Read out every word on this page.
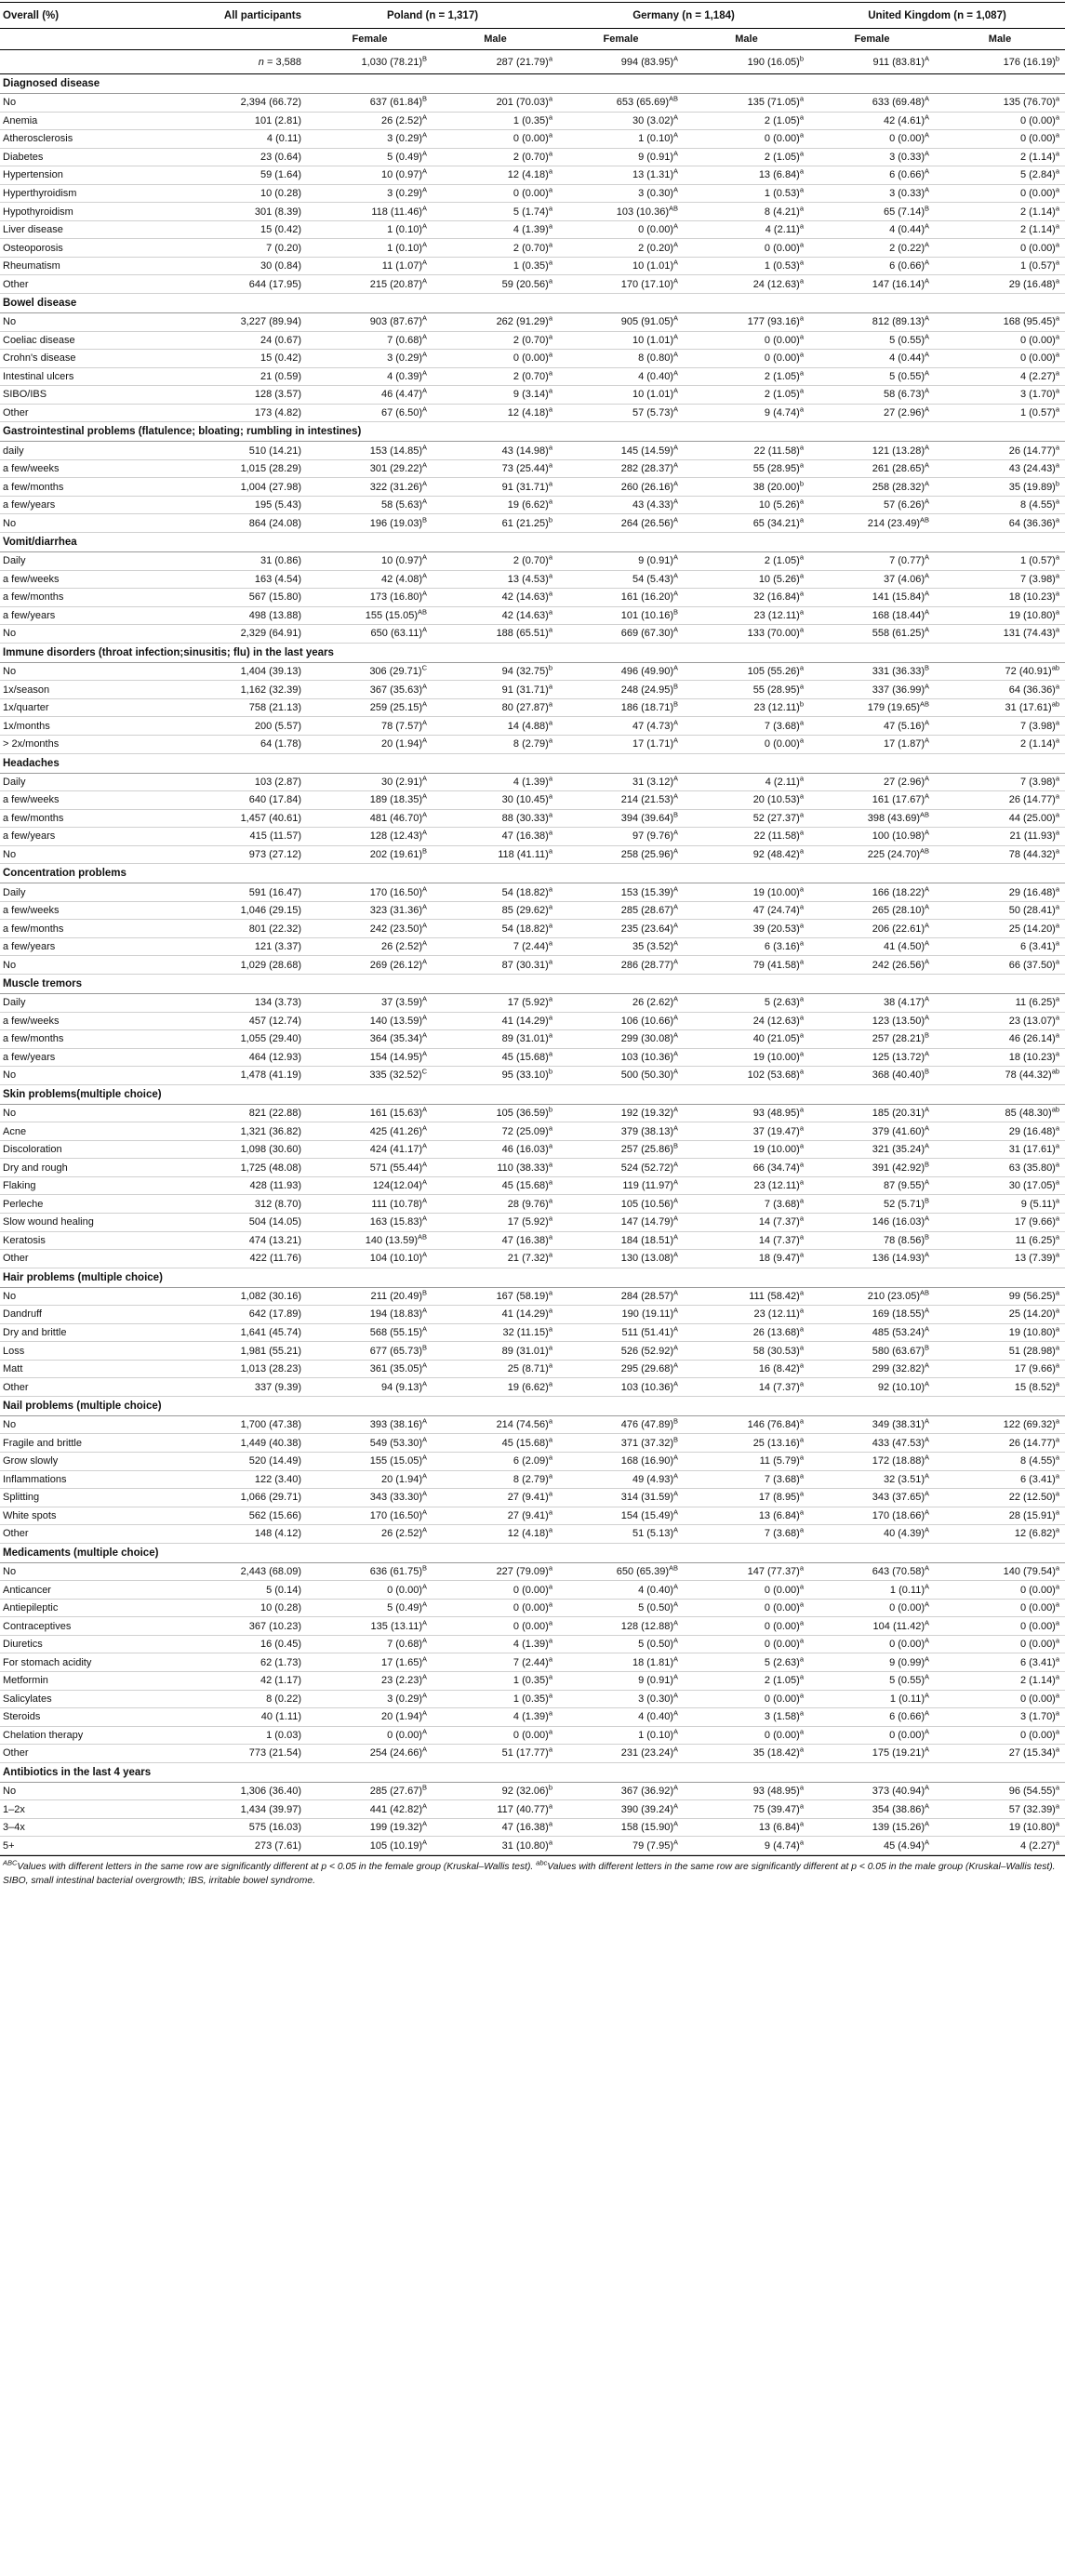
Overall (%)	All participants	Poland (n = 1,317)		Germany (n = 1,184)		United Kingdom (n = 1,087)	
		Female	Male	Female	Male	Female	Male
	n = 3,588	1,030 $(78.21)^B$	287 $(21.79)^a$	994 $(83.95)^A$	190 $(16.05)^b$	911 $(83.81)^A$	176 $(16.19)^b$
Diagnosed disease							
No	2,394 (66.72)	637 $(61.84)^B$	201 $(70.03)^a$	653 $(65.69)^{AB}$	135 $(71.05)^a$	633 $(69.48)^A$	135 $(76.70)^a$
Anemia	101 (2.81)	26 $(2.52)^A$	1 $(0.35)^a$	30 $(3.02)^A$	2 $(1.05)^a$	42 $(4.61)^A$	0 $(0.00)^a$
Atherosclerosis	4 (0.11)	3 $(0.29)^A$	0 $(0.00)^a$	1 $(0.10)^A$	0 $(0.00)^a$	0 $(0.00)^A$	0 $(0.00)^a$
Diabetes	23 (0.64)	5 $(0.49)^A$	2 $(0.70)^a$	9 $(0.91)^A$	2 $(1.05)^a$	3 $(0.33)^A$	2 $(1.14)^a$
Hypertension	59 (1.64)	10 $(0.97)^A$	12 $(4.18)^a$	13 $(1.31)^A$	13 $(6.84)^a$	6 $(0.66)^A$	5 $(2.84)^a$
Hyperthyroidism	10 (0.28)	3 $(0.29)^A$	0 $(0.00)^a$	3 $(0.30)^A$	1 $(0.53)^a$	3 $(0.33)^A$	0 $(0.00)^a$
Hypothyroidism	301 (8.39)	118 $(11.46)^A$	5 $(1.74)^a$	103 $(10.36)^{AB}$	8 $(4.21)^a$	65 $(7.14)^B$	2 $(1.14)^a$
Liver disease	15 (0.42)	1 $(0.10)^A$	4 $(1.39)^a$	0 $(0.00)^A$	4 $(2.11)^a$	4 $(0.44)^A$	2 $(1.14)^a$
Osteoporosis	7 (0.20)	1 $(0.10)^A$	2 $(0.70)^a$	2 $(0.20)^A$	0 $(0.00)^a$	2 $(0.22)^A$	0 $(0.00)^a$
Rheumatism	30 (0.84)	11 $(1.07)^A$	1 $(0.35)^a$	10 $(1.01)^A$	1 $(0.53)^a$	6 $(0.66)^A$	1 $(0.57)^a$
Other	644 (17.95)	215 $(20.87)^A$	59 $(20.56)^a$	170 $(17.10)^A$	24 $(12.63)^a$	147 $(16.14)^A$	29 $(16.48)^a$
Bowel disease							
No	3,227 (89.94)	903 $(87.67)^A$	262 $(91.29)^a$	905 $(91.05)^A$	177 $(93.16)^a$	812 $(89.13)^A$	168 $(95.45)^a$
Coeliac disease	24 (0.67)	7 $(0.68)^A$	2 $(0.70)^a$	10 $(1.01)^A$	0 $(0.00)^a$	5 $(0.55)^A$	0 $(0.00)^a$
Crohn's disease	15 (0.42)	3 $(0.29)^A$	0 $(0.00)^a$	8 $(0.80)^A$	0 $(0.00)^a$	4 $(0.44)^A$	0 $(0.00)^a$
Intestinal ulcers	21 (0.59)	4 $(0.39)^A$	2 $(0.70)^a$	4 $(0.40)^A$	2 $(1.05)^a$	5 $(0.55)^A$	4 $(2.27)^a$
SIBO/IBS	128 (3.57)	46 $(4.47)^A$	9 $(3.14)^a$	10 $(1.01)^A$	2 $(1.05)^a$	58 $(6.73)^A$	3 $(1.70)^a$
Other	173 (4.82)	67 $(6.50)^A$	12 $(4.18)^a$	57 $(5.73)^A$	9 $(4.74)^a$	27 $(2.96)^A$	1 $(0.57)^a$
Gastrointestinal problems (flatulence; bloating; rumbling in intestines)							
daily	510 (14.21)	153 $(14.85)^A$	43 $(14.98)^a$	145 $(14.59)^A$	22 $(11.58)^a$	121 $(13.28)^A$	26 $(14.77)^a$
a few/weeks	1,015 (28.29)	301 $(29.22)^A$	73 $(25.44)^a$	282 $(28.37)^A$	55 $(28.95)^a$	261 $(28.65)^A$	43 $(24.43)^a$
a few/months	1,004 (27.98)	322 $(31.26)^A$	91 $(31.71)^a$	260 $(26.16)^A$	38 $(20.00)^b$	258 $(28.32)^A$	35 $(19.89)^b$
a few/years	195 (5.43)	58 $(5.63)^A$	19 $(6.62)^a$	43 $(4.33)^A$	10 $(5.26)^a$	57 $(6.26)^A$	8 $(4.55)^a$
No	864 (24.08)	196 $(19.03)^B$	61 $(21.25)^b$	264 $(26.56)^A$	65 $(34.21)^a$	214 $(23.49)^{AB}$	64 $(36.36)^a$
Vomit/diarrhea							
Daily	31 (0.86)	10 $(0.97)^A$	2 $(0.70)^a$	9 $(0.91)^A$	2 $(1.05)^a$	7 $(0.77)^A$	1 $(0.57)^a$
a few/weeks	163 (4.54)	42 $(4.08)^A$	13 $(4.53)^a$	54 $(5.43)^A$	10 $(5.26)^a$	37 $(4.06)^A$	7 $(3.98)^a$
a few/months	567 (15.80)	173 $(16.80)^A$	42 $(14.63)^a$	161 $(16.20)^A$	32 $(16.84)^a$	141 $(15.84)^A$	18 $(10.23)^a$
a few/years	498 (13.88)	155 $(15.05)^{AB}$	42 $(14.63)^a$	101 $(10.16)^B$	23 $(12.11)^a$	168 $(18.44)^A$	19 $(10.80)^a$
No	2,329 (64.91)	650 $(63.11)^A$	188 $(65.51)^a$	669 $(67.30)^A$	133 $(70.00)^a$	558 $(61.25)^A$	131 $(74.43)^a$
Immune disorders (throat infection;sinusitis; flu) in the last years							
No	1,404 (39.13)	306 $(29.71)^C$	94 $(32.75)^b$	496 $(49.90)^A$	105 $(55.26)^a$	331 $(36.33)^B$	72 $(40.91)^{ab}$
1x/season	1,162 (32.39)	367 $(35.63)^A$	91 $(31.71)^a$	248 $(24.95)^B$	55 $(28.95)^a$	337 $(36.99)^A$	64 $(36.36)^a$
1x/quarter	758 (21.13)	259 $(25.15)^A$	80 $(27.87)^a$	186 $(18.71)^B$	23 $(12.11)^b$	179 $(19.65)^{AB}$	31 $(17.61)^{ab}$
1x/months	200 (5.57)	78 $(7.57)^A$	14 $(4.88)^a$	47 $(4.73)^A$	7 $(3.68)^a$	47 $(5.16)^A$	7 $(3.98)^a$
> 2x/months	64 (1.78)	20 $(1.94)^A$	8 $(2.79)^a$	17 $(1.71)^A$	0 $(0.00)^a$	17 $(1.87)^A$	2 $(1.14)^a$
Headaches							
Daily	103 (2.87)	30 $(2.91)^A$	4 $(1.39)^a$	31 $(3.12)^A$	4 $(2.11)^a$	27 $(2.96)^A$	7 $(3.98)^a$
a few/weeks	640 (17.84)	189 $(18.35)^A$	30 $(10.45)^a$	214 $(21.53)^A$	20 $(10.53)^a$	161 $(17.67)^A$	26 $(14.77)^a$
a few/months	1,457 (40.61)	481 $(46.70)^A$	88 $(30.33)^a$	394 $(39.64)^B$	52 $(27.37)^a$	398 $(43.69)^{AB}$	44 $(25.00)^a$
a few/years	415 (11.57)	128 $(12.43)^A$	47 $(16.38)^a$	97 $(9.76)^A$	22 $(11.58)^a$	100 $(10.98)^A$	21 $(11.93)^a$
No	973 (27.12)	202 $(19.61)^B$	118 $(41.11)^a$	258 $(25.96)^A$	92 $(48.42)^a$	225 $(24.70)^{AB}$	78 $(44.32)^a$
Concentration problems							
Daily	591 (16.47)	170 $(16.50)^A$	54 $(18.82)^a$	153 $(15.39)^A$	19 $(10.00)^a$	166 $(18.22)^A$	29 $(16.48)^a$
a few/weeks	1,046 (29.15)	323 $(31.36)^A$	85 $(29.62)^a$	285 $(28.67)^A$	47 $(24.74)^a$	265 $(28.10)^A$	50 $(28.41)^a$
a few/months	801 (22.32)	242 $(23.50)^A$	54 $(18.82)^a$	235 $(23.64)^A$	39 $(20.53)^a$	206 $(22.61)^A$	25 $(14.20)^a$
a few/years	121 (3.37)	26 $(2.52)^A$	7 $(2.44)^a$	35 $(3.52)^A$	6 $(3.16)^a$	41 $(4.50)^A$	6 $(3.41)^a$
No	1,029 (28.68)	269 $(26.12)^A$	87 $(30.31)^a$	286 $(28.77)^A$	79 $(41.58)^a$	242 $(26.56)^A$	66 $(37.50)^a$
Muscle tremors							
Daily	134 (3.73)	37 $(3.59)^A$	17 $(5.92)^a$	26 $(2.62)^A$	5 $(2.63)^a$	38 $(4.17)^A$	11 $(6.25)^a$
a few/weeks	457 (12.74)	140 $(13.59)^A$	41 $(14.29)^a$	106 $(10.66)^A$	24 $(12.63)^a$	123 $(13.50)^A$	23 $(13.07)^a$
a few/months	1,055 (29.40)	364 $(35.34)^A$	89 $(31.01)^a$	299 $(30.08)^A$	40 $(21.05)^a$	257 $(28.21)^B$	46 $(26.14)^a$
a few/years	464 (12.93)	154 $(14.95)^A$	45 $(15.68)^a$	103 $(10.36)^A$	19 $(10.00)^a$	125 $(13.72)^A$	18 $(10.23)^a$
No	1,478 (41.19)	335 $(32.52)^C$	95 $(33.10)^b$	500 $(50.30)^A$	102 $(53.68)^a$	368 $(40.40)^B$	78 $(44.32)^{ab}$
Skin problems(multiple choice)							
No	821 (22.88)	161 $(15.63)^A$	105 $(36.59)^b$	192 $(19.32)^A$	93 $(48.95)^a$	185 $(20.31)^A$	85 $(48.30)^{ab}$
Acne	1,321 (36.82)	425 $(41.26)^A$	72 $(25.09)^a$	379 $(38.13)^A$	37 $(19.47)^a$	379 $(41.60)^A$	29 $(16.48)^a$
Discoloration	1,098 (30.60)	424 $(41.17)^A$	46 $(16.03)^a$	257 $(25.86)^B$	19 $(10.00)^a$	321 $(35.24)^A$	31 $(17.61)^a$
Dry and rough	1,725 (48.08)	571 $(55.44)^A$	110 $(38.33)^a$	524 $(52.72)^A$	66 $(34.74)^a$	391 $(42.92)^B$	63 $(35.80)^a$
Flaking	428 (11.93)	$124(12.04)^A$	45 $(15.68)^a$	119 $(11.97)^A$	23 $(12.11)^a$	87 $(9.55)^A$	30 $(17.05)^a$
Perleche	312 (8.70)	111 $(10.78)^A$	28 $(9.76)^a$	105 $(10.56)^A$	7 $(3.68)^a$	52 $(5.71)^B$	9 $(5.11)^a$
Slow wound healing	504 (14.05)	163 $(15.83)^A$	17 $(5.92)^a$	147 $(14.79)^A$	14 $(7.37)^a$	146 $(16.03)^A$	17 $(9.66)^a$
Keratosis	474 (13.21)	140 $(13.59)^{AB}$	47 $(16.38)^a$	184 $(18.51)^A$	14 $(7.37)^a$	78 $(8.56)^B$	11 $(6.25)^a$
Other	422 (11.76)	104 $(10.10)^A$	21 $(7.32)^a$	130 $(13.08)^A$	18 $(9.47)^a$	136 $(14.93)^A$	13 $(7.39)^a$
Hair problems (multiple choice)							
No	1,082 (30.16)	211 $(20.49)^B$	167 $(58.19)^a$	284 $(28.57)^A$	111 $(58.42)^a$	210 $(23.05)^{AB}$	99 $(56.25)^a$
Dandruff	642 (17.89)	194 $(18.83)^A$	41 $(14.29)^a$	190 $(19.11)^A$	23 $(12.11)^a$	169 $(18.55)^A$	25 $(14.20)^a$
Dry and brittle	1,641 (45.74)	568 $(55.15)^A$	32 $(11.15)^a$	511 $(51.41)^A$	26 $(13.68)^a$	485 $(53.24)^A$	19 $(10.80)^a$
Loss	1,981 (55.21)	677 $(65.73)^B$	89 $(31.01)^a$	526 $(52.92)^A$	58 $(30.53)^a$	580 $(63.67)^B$	51 $(28.98)^a$
Matt	1,013 (28.23)	361 $(35.05)^A$	25 $(8.71)^a$	295 $(29.68)^A$	16 $(8.42)^a$	299 $(32.82)^A$	17 $(9.66)^a$
Other	337 (9.39)	94 $(9.13)^A$	19 $(6.62)^a$	103 $(10.36)^A$	14 $(7.37)^a$	92 $(10.10)^A$	15 $(8.52)^a$
Nail problems (multiple choice)							
No	1,700 (47.38)	393 $(38.16)^A$	214 $(74.56)^a$	476 $(47.89)^B$	146 $(76.84)^a$	349 $(38.31)^A$	122 $(69.32)^a$
Fragile and brittle	1,449 (40.38)	549 $(53.30)^A$	45 $(15.68)^a$	371 $(37.32)^B$	25 $(13.16)^a$	433 $(47.53)^A$	26 $(14.77)^a$
Grow slowly	520 (14.49)	155 $(15.05)^A$	6 $(2.09)^a$	168 $(16.90)^A$	11 $(5.79)^a$	172 $(18.88)^A$	8 $(4.55)^a$
Inflammations	122 (3.40)	20 $(1.94)^A$	8 $(2.79)^a$	49 $(4.93)^A$	7 $(3.68)^a$	32 $(3.51)^A$	6 $(3.41)^a$
Splitting	1,066 (29.71)	343 $(33.30)^A$	27 $(9.41)^a$	314 $(31.59)^A$	17 $(8.95)^a$	343 $(37.65)^A$	22 $(12.50)^a$
White spots	562 (15.66)	170 $(16.50)^A$	27 $(9.41)^a$	154 $(15.49)^A$	13 $(6.84)^a$	170 $(18.66)^A$	28 $(15.91)^a$
Other	148 (4.12)	26 $(2.52)^A$	12 $(4.18)^a$	51 $(5.13)^A$	7 $(3.68)^a$	40 $(4.39)^A$	12 $(6.82)^a$
Medicaments (multiple choice)							
No	2,443 (68.09)	636 $(61.75)^B$	227 $(79.09)^a$	650 $(65.39)^{AB}$	147 $(77.37)^a$	643 $(70.58)^A$	140 $(79.54)^a$
Anticancer	5 (0.14)	0 $(0.00)^A$	0 $(0.00)^a$	4 $(0.40)^A$	0 $(0.00)^a$	1 $(0.11)^A$	0 $(0.00)^a$
Antiepileptic	10 (0.28)	5 $(0.49)^A$	0 $(0.00)^a$	5 $(0.50)^A$	0 $(0.00)^a$	0 $(0.00)^A$	0 $(0.00)^a$
Contraceptives	367 (10.23)	135 $(13.11)^A$	0 $(0.00)^a$	128 $(12.88)^A$	0 $(0.00)^a$	104 $(11.42)^A$	0 $(0.00)^a$
Diuretics	16 (0.45)	7 $(0.68)^A$	4 $(1.39)^a$	5 $(0.50)^A$	0 $(0.00)^a$	0 $(0.00)^A$	0 $(0.00)^a$
For stomach acidity	62 (1.73)	17 $(1.65)^A$	7 $(2.44)^a$	18 $(1.81)^A$	5 $(2.63)^a$	9 $(0.99)^A$	6 $(3.41)^a$
Metformin	42 (1.17)	23 $(2.23)^A$	1 $(0.35)^a$	9 $(0.91)^A$	2 $(1.05)^a$	5 $(0.55)^A$	2 $(1.14)^a$
Salicylates	8 (0.22)	3 $(0.29)^A$	1 $(0.35)^a$	3 $(0.30)^A$	0 $(0.00)^a$	1 $(0.11)^A$	0 $(0.00)^a$
Steroids	40 (1.11)	20 $(1.94)^A$	4 $(1.39)^a$	4 $(0.40)^A$	3 $(1.58)^a$	6 $(0.66)^A$	3 $(1.70)^a$
Chelation therapy	1 (0.03)	0 $(0.00)^A$	0 $(0.00)^a$	1 $(0.10)^A$	0 $(0.00)^a$	0 $(0.00)^A$	0 $(0.00)^a$
Other	773 (21.54)	254 $(24.66)^A$	51 $(17.77)^a$	231 $(23.24)^A$	35 $(18.42)^a$	175 $(19.21)^A$	27 $(15.34)^a$
Antibiotics in the last 4 years							
No	1,306 (36.40)	285 $(27.67)^B$	92 $(32.06)^b$	367 $(36.92)^A$	93 $(48.95)^a$	373 $(40.94)^A$	96 $(54.55)^a$
1–2x	1,434 (39.97)	441 $(42.82)^A$	117 $(40.77)^a$	390 $(39.24)^A$	75 $(39.47)^a$	354 $(38.86)^A$	57 $(32.39)^a$
3–4x	575 (16.03)	199 $(19.32)^A$	47 $(16.38)^a$	158 $(15.90)^A$	13 $(6.84)^a$	139 $(15.26)^A$	19 $(10.80)^a$
5+	273 (7.61)	105 $(10.19)^A$	31 $(10.80)^a$	79 $(7.95)^A$	9 $(4.74)^a$	45 $(4.94)^A$	4 $(2.27)^a$
$^{ABC}$Values with different letters in the same row are significantly different at p < 0.05 in the female group (Kruskal–Wallis test). $^{abc}$Values with different letters in the same row are significantly different at p < 0.05 in the male group (Kruskal–Wallis test).
SIBO, small intestinal bacterial overgrowth; IBS, irritable bowel syndrome.
